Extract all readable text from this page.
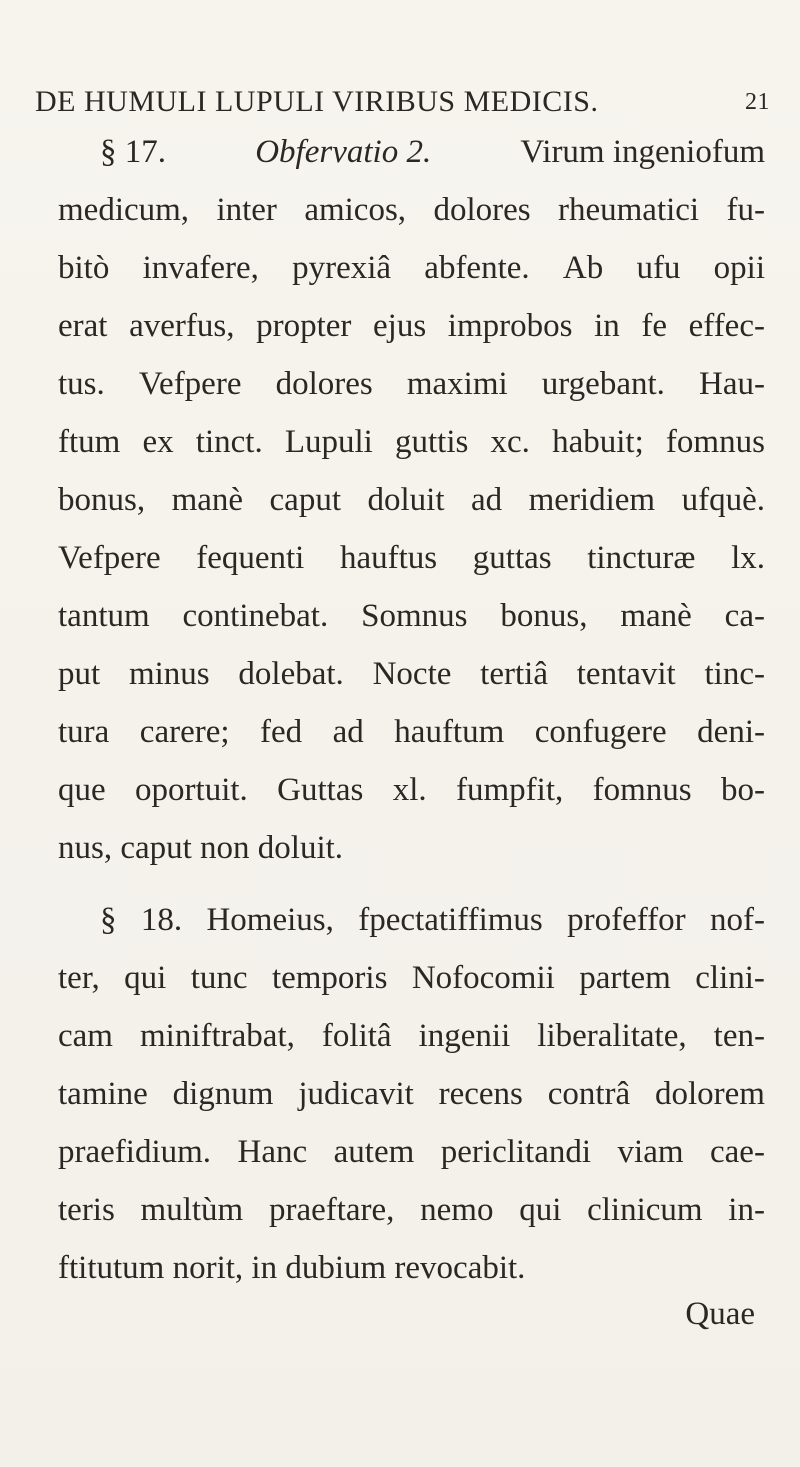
DE HUMULI LUPULI VIRIBUS MEDICIS.	21
§ 17.	Obfervatio 2.	Virum ingeniofum
medicum, inter amicos, dolores rheumatici fu-
bitò invafere, pyrexiâ abfente. Ab ufu opii
erat averfus, propter ejus improbos in fe effec-
tus. Vefpere dolores maximi urgebant. Hau-
ftum ex tinct. Lupuli guttis xc. habuit; fomnus
bonus, manè caput doluit ad meridiem ufquè.
Vefpere fequenti hauftus guttas tincturæ lx.
tantum continebat. Somnus bonus, manè ca-
put minus dolebat. Nocte tertiâ tentavit tinc-
tura carere; fed ad hauftum confugere deni-
que oportuit. Guttas xl. fumpfit, fomnus bo-
nus, caput non doluit.
§ 18. Homeius, fpectatiffimus profeffor nof-
ter, qui tunc temporis Nofocomii partem clini-
cam miniftrabat, folitâ ingenii liberalitate, ten-
tamine dignum judicavit recens contrâ dolorem
praefidium. Hanc autem periclitandi viam cae-
teris multùm praeftare, nemo qui clinicum in-
ftitutum norit, in dubium revocabit.
Quae
